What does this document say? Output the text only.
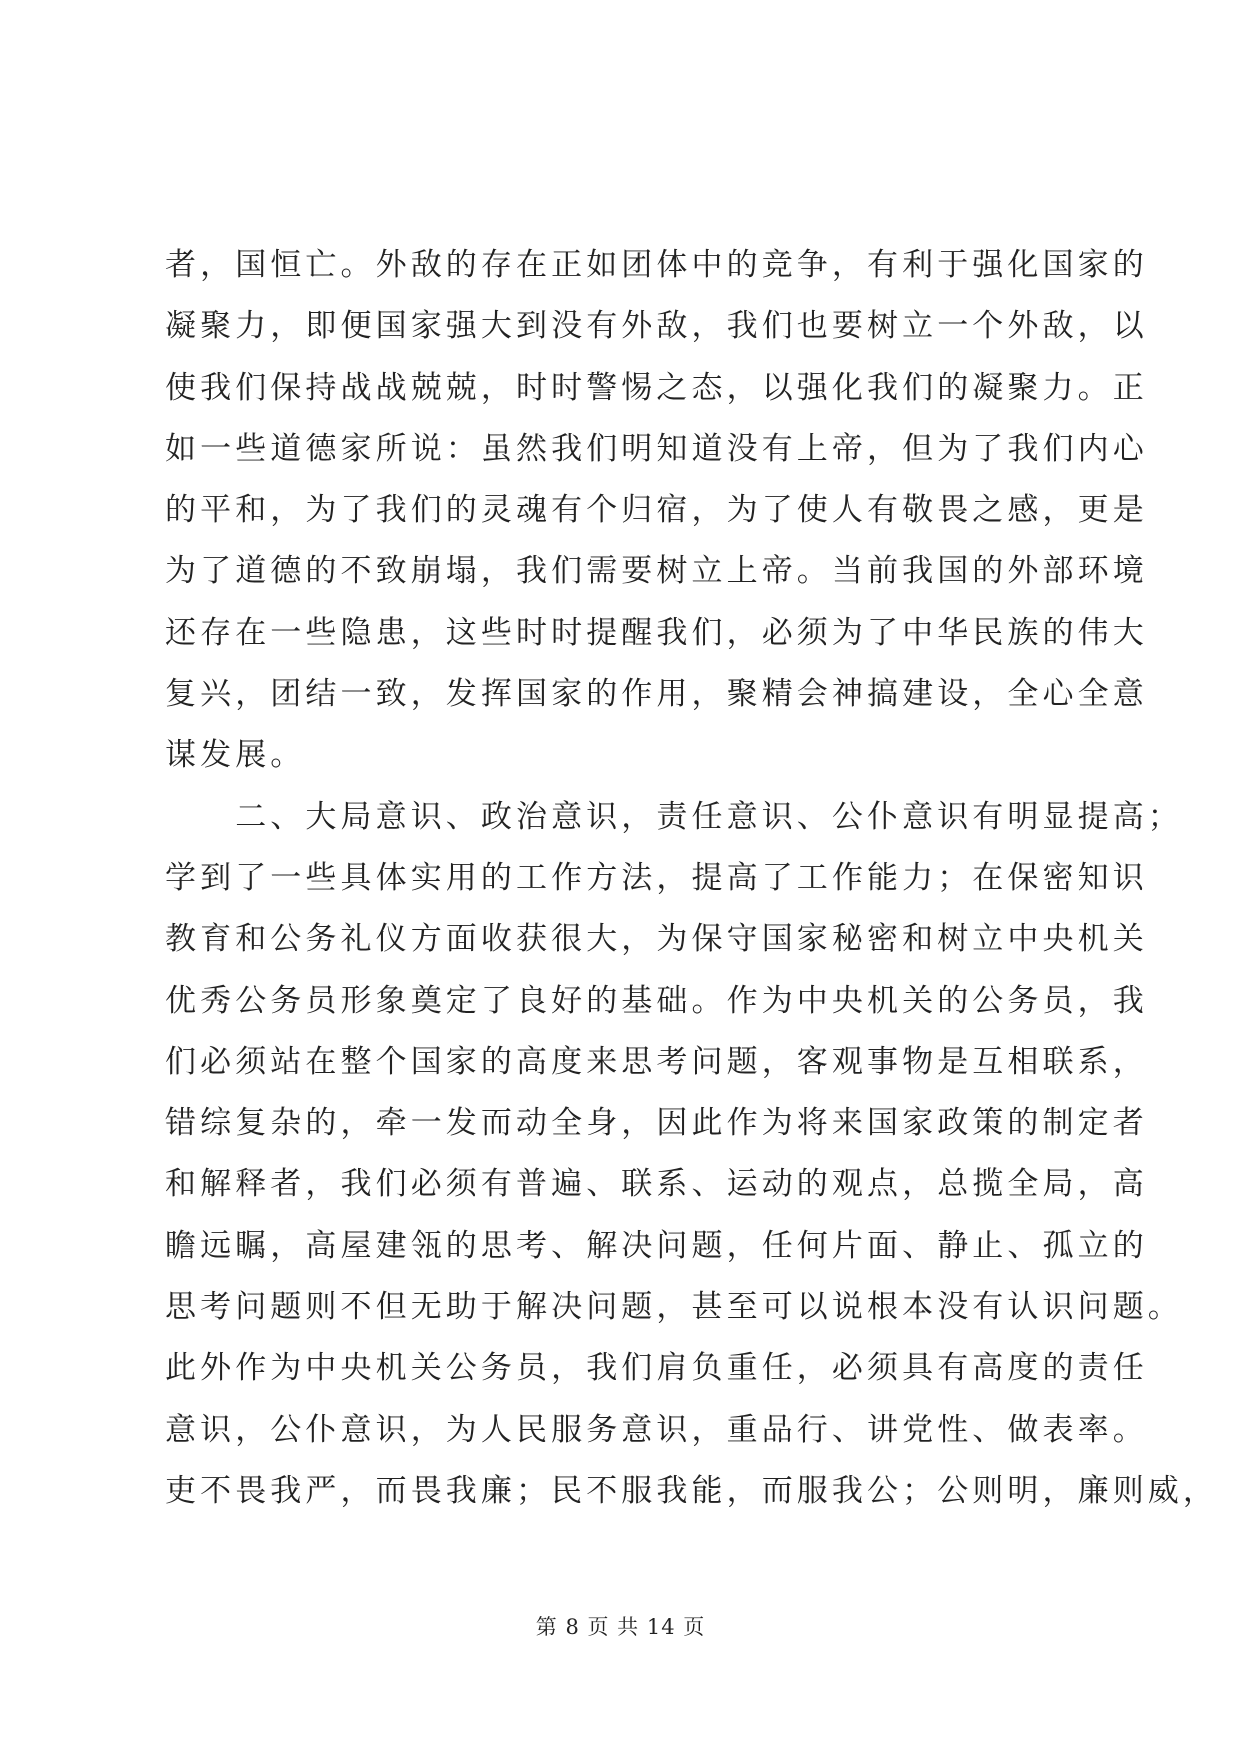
者，国恒亡。外敌的存在正如团体中的竞争，有利于强化国家的
凝聚力，即便国家强大到没有外敌，我们也要树立一个外敌，以
使我们保持战战兢兢，时时警惕之态，以强化我们的凝聚力。正
如一些道德家所说：虽然我们明知道没有上帝，但为了我们内心
的平和，为了我们的灵魂有个归宿，为了使人有敬畏之感，更是
为了道德的不致崩塌，我们需要树立上帝。当前我国的外部环境
还存在一些隐患，这些时时提醒我们，必须为了中华民族的伟大
复兴，团结一致，发挥国家的作用，聚精会神搞建设，全心全意
谋发展。
　　二、大局意识、政治意识，责任意识、公仆意识有明显提高；
学到了一些具体实用的工作方法，提高了工作能力；在保密知识
教育和公务礼仪方面收获很大，为保守国家秘密和树立中央机关
优秀公务员形象奠定了良好的基础。作为中央机关的公务员，我
们必须站在整个国家的高度来思考问题，客观事物是互相联系，
错综复杂的，牵一发而动全身，因此作为将来国家政策的制定者
和解释者，我们必须有普遍、联系、运动的观点，总揽全局，高
瞻远瞩，高屋建瓴的思考、解决问题，任何片面、静止、孤立的
思考问题则不但无助于解决问题，甚至可以说根本没有认识问题。
此外作为中央机关公务员，我们肩负重任，必须具有高度的责任
意识，公仆意识，为人民服务意识，重品行、讲党性、做表率。
吏不畏我严，而畏我廉；民不服我能，而服我公；公则明，廉则威，
第 8 页 共 14 页
